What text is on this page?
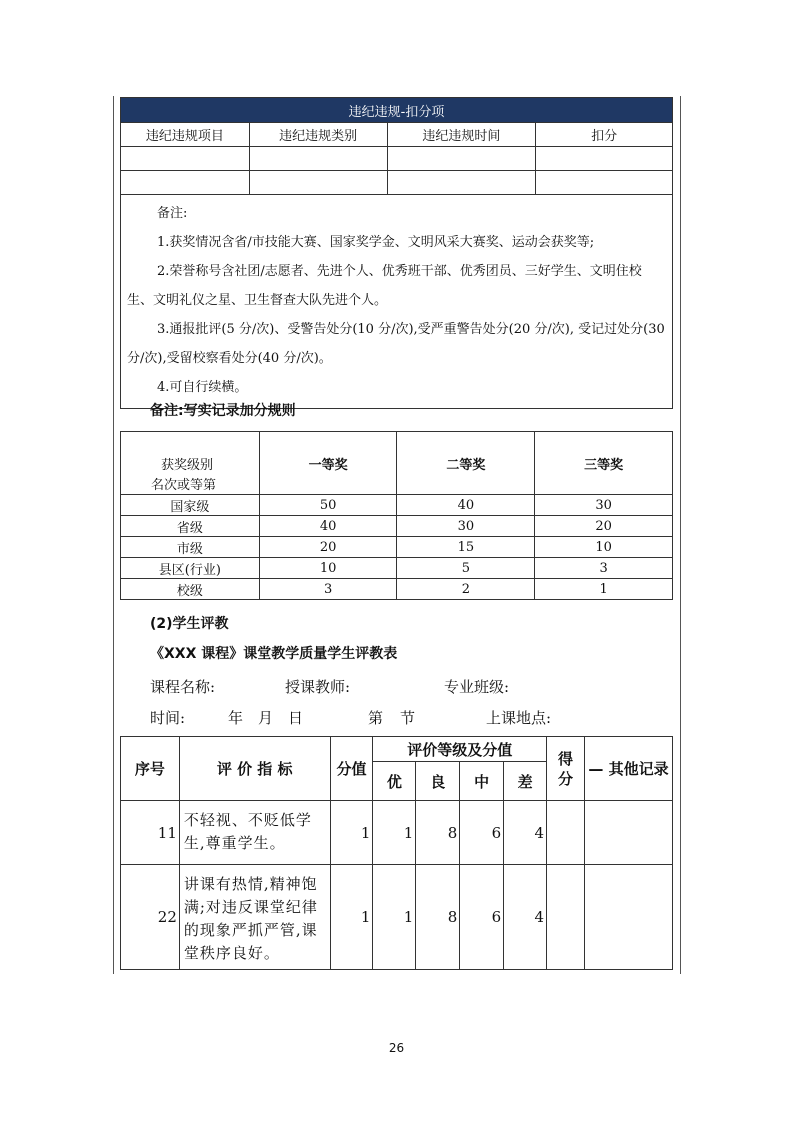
违纪违规-扣分项			
违纪违规项目	违纪违规类别	违纪违规时间	扣分

备注:
1.获奖情况含省/市技能大赛、国家奖学金、文明风采大赛奖、运动会获奖等;
2.荣誉称号含社团/志愿者、先进个人、优秀班干部、优秀团员、三好学生、文明住校生、文明礼仪之星、卫生督查大队先进个人。
3.通报批评(5 分/次)、受警告处分(10 分/次),受严重警告处分(20 分/次), 受记过处分(30 分/次),受留校察看处分(40 分/次)。
4.可自行续横。			
备注:写实记录加分规则
获奖级别
名次或等第	一等奖	二等奖	三等奖
国家级	50	40	30
省级	40	30	20
市级	20	15	10
县区(行业)	10	5	3
校级	3	2	1
(2)学生评教
《XXX 课程》课堂教学质量学生评教表
课程名称:	授课教师:	专业班级:
时间:	年 月 日	第 节	上课地点:
序号	评 价 指 标	分值	评价等级及分值				得分	— 其他记录
			优	良	中	差		
11	不轻视、不贬低学生,尊重学生。	1	1	8	6	4		
22	讲课有热情,精神饱满;对违反课堂纪律的现象严抓严管,课堂秩序良好。	1	1	8	6	4		
26
